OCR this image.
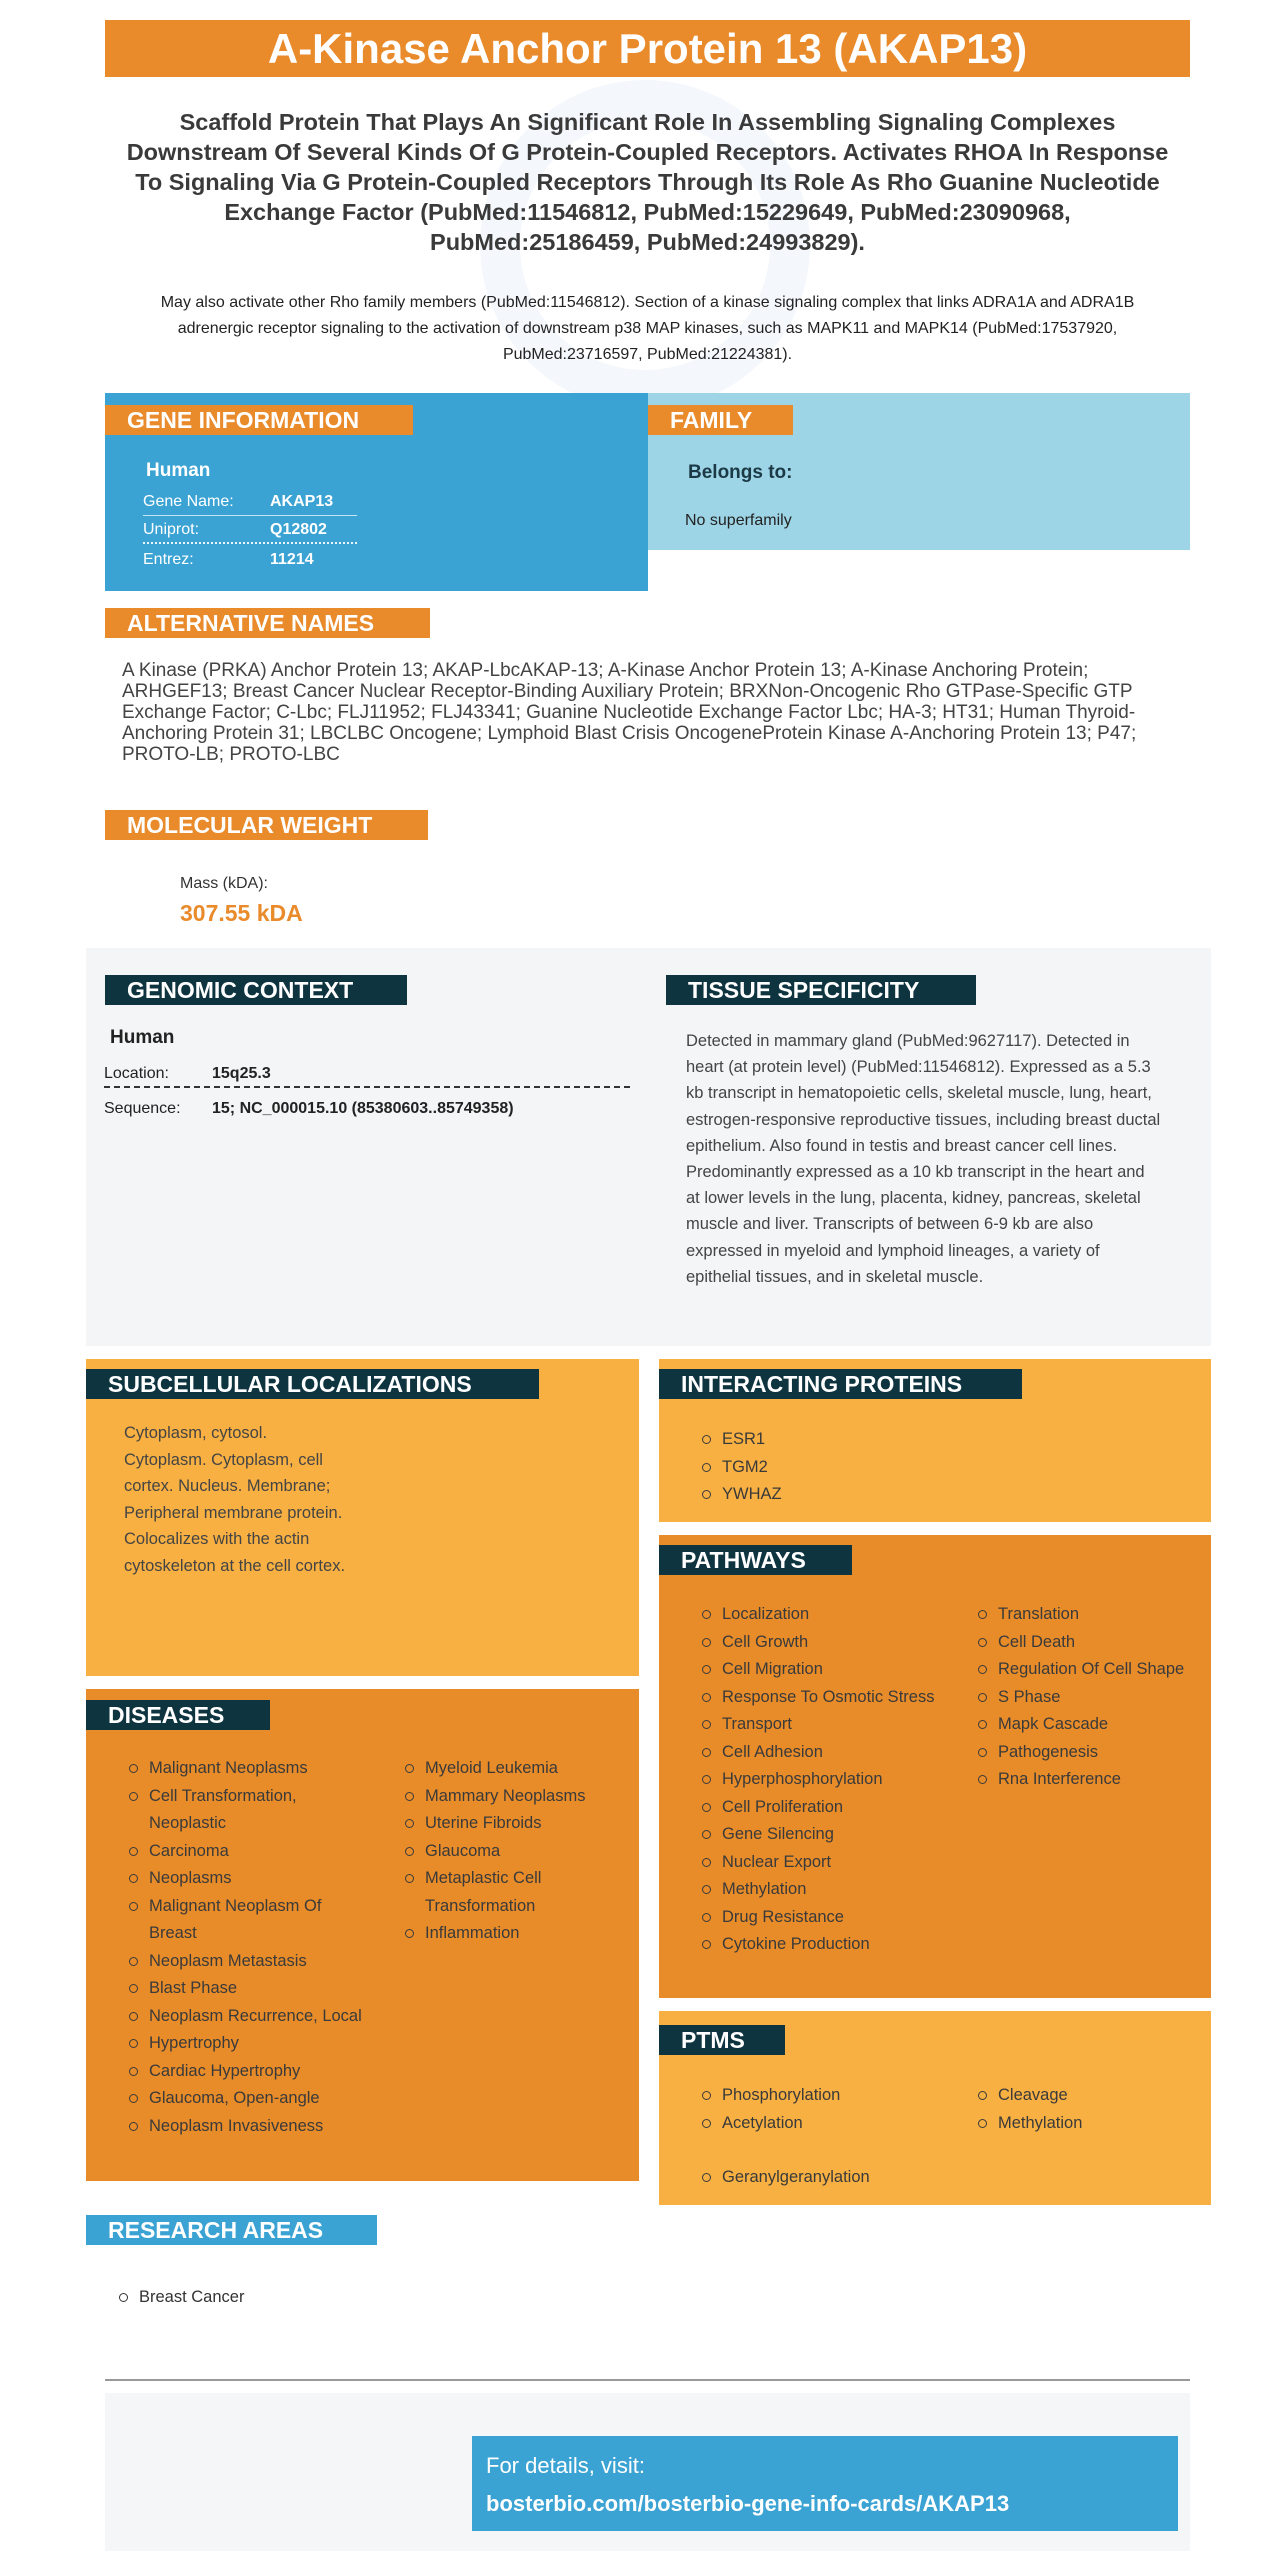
A-Kinase Anchor Protein 13 (AKAP13)
Scaffold Protein That Plays An Significant Role In Assembling Signaling Complexes Downstream Of Several Kinds Of G Protein-Coupled Receptors. Activates RHOA In Response To Signaling Via G Protein-Coupled Receptors Through Its Role As Rho Guanine Nucleotide Exchange Factor (PubMed:11546812, PubMed:15229649, PubMed:23090968, PubMed:25186459, PubMed:24993829).
May also activate other Rho family members (PubMed:11546812). Section of a kinase signaling complex that links ADRA1A and ADRA1B adrenergic receptor signaling to the activation of downstream p38 MAP kinases, such as MAPK11 and MAPK14 (PubMed:17537920, PubMed:23716597, PubMed:21224381).
GENE INFORMATION
Human
Gene Name:	AKAP13
Uniprot:	Q12802
Entrez:	11214
FAMILY
Belongs to:
No superfamily
ALTERNATIVE NAMES
A Kinase (PRKA) Anchor Protein 13; AKAP-LbcAKAP-13; A-Kinase Anchor Protein 13; A-Kinase Anchoring Protein; ARHGEF13; Breast Cancer Nuclear Receptor-Binding Auxiliary Protein; BRXNon-Oncogenic Rho GTPase-Specific GTP Exchange Factor; C-Lbc; FLJ11952; FLJ43341; Guanine Nucleotide Exchange Factor Lbc; HA-3; HT31; Human Thyroid-Anchoring Protein 31; LBCLBC Oncogene; Lymphoid Blast Crisis OncogeneProtein Kinase A-Anchoring Protein 13; P47; PROTO-LB; PROTO-LBC
MOLECULAR WEIGHT
Mass (kDA):
307.55 kDA
GENOMIC CONTEXT
Human
Location:	15q25.3
Sequence:	15; NC_000015.10 (85380603..85749358)
TISSUE SPECIFICITY
Detected in mammary gland (PubMed:9627117). Detected in heart (at protein level) (PubMed:11546812). Expressed as a 5.3 kb transcript in hematopoietic cells, skeletal muscle, lung, heart, estrogen-responsive reproductive tissues, including breast ductal epithelium. Also found in testis and breast cancer cell lines. Predominantly expressed as a 10 kb transcript in the heart and at lower levels in the lung, placenta, kidney, pancreas, skeletal muscle and liver. Transcripts of between 6-9 kb are also expressed in myeloid and lymphoid lineages, a variety of epithelial tissues, and in skeletal muscle.
SUBCELLULAR LOCALIZATIONS
Cytoplasm, cytosol. Cytoplasm. Cytoplasm, cell cortex. Nucleus. Membrane; Peripheral membrane protein. Colocalizes with the actin cytoskeleton at the cell cortex.
INTERACTING PROTEINS
ESR1
TGM2
YWHAZ
DISEASES
Malignant Neoplasms
Cell Transformation, Neoplastic
Carcinoma
Neoplasms
Malignant Neoplasm Of Breast
Neoplasm Metastasis
Blast Phase
Neoplasm Recurrence, Local
Hypertrophy
Cardiac Hypertrophy
Glaucoma, Open-angle
Neoplasm Invasiveness
Myeloid Leukemia
Mammary Neoplasms
Uterine Fibroids
Glaucoma
Metaplastic Cell Transformation
Inflammation
PATHWAYS
Localization
Cell Growth
Cell Migration
Response To Osmotic Stress
Transport
Cell Adhesion
Hyperphosphorylation
Cell Proliferation
Gene Silencing
Nuclear Export
Methylation
Drug Resistance
Cytokine Production
Translation
Cell Death
Regulation Of Cell Shape
S Phase
Mapk Cascade
Pathogenesis
Rna Interference
PTMS
Phosphorylation
Acetylation
Cleavage
Methylation
Geranylgeranylation
RESEARCH AREAS
Breast Cancer
For details, visit:
bosterbio.com/bosterbio-gene-info-cards/AKAP13
